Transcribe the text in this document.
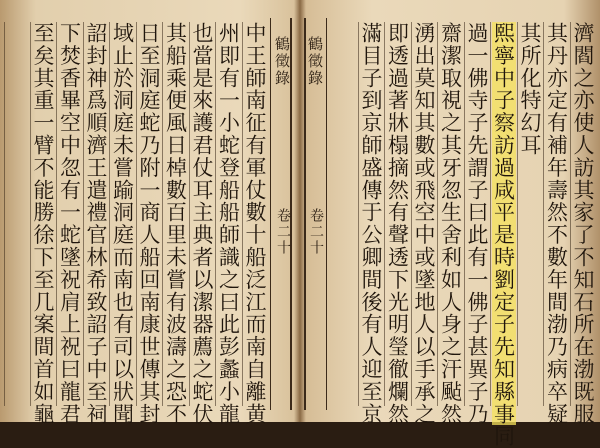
鶴徵錄
卷二十
中王師南征有軍仗數十船泛江而南自離黄
州即有一小蛇登船船師識之曰此彭蠡小龍
也當是來護君仗耳主典者以潔器薦之蛇伏
其船乘便風日棹數百里未嘗有波濤之恐不
日至洞庭蛇乃附一商人船回南康世傳其封
域止於洞庭未嘗踰洞庭而南也有司以狀聞
詔封神爲順濟王遣禮官林希致詔子中至祠
下焚香畢空中忽有一蛇墜祝肩上祝曰龍君
至矣其重一臂不能勝徐下至几案間首如龜	鶴徵錄
卷二十	濟閻之亦使人訪其家了不知石所在渤既服
其丹亦定有補年壽然不數年間渤乃病卒疑
其所化特幻耳
熙寧中子察訪過咸平是時劉定子先知縣事同
過一佛寺子先謂子曰此有一佛子甚異子乃
齋潔取視之其牙忽生舍利如人身之汗颭然
湧出莫知其數或飛空中或墜地人以手承之
即透過著牀榻摘然有聲透下光明瑩徹爛然
滿目子到京師盛傳于公卿間後有人迎至京
